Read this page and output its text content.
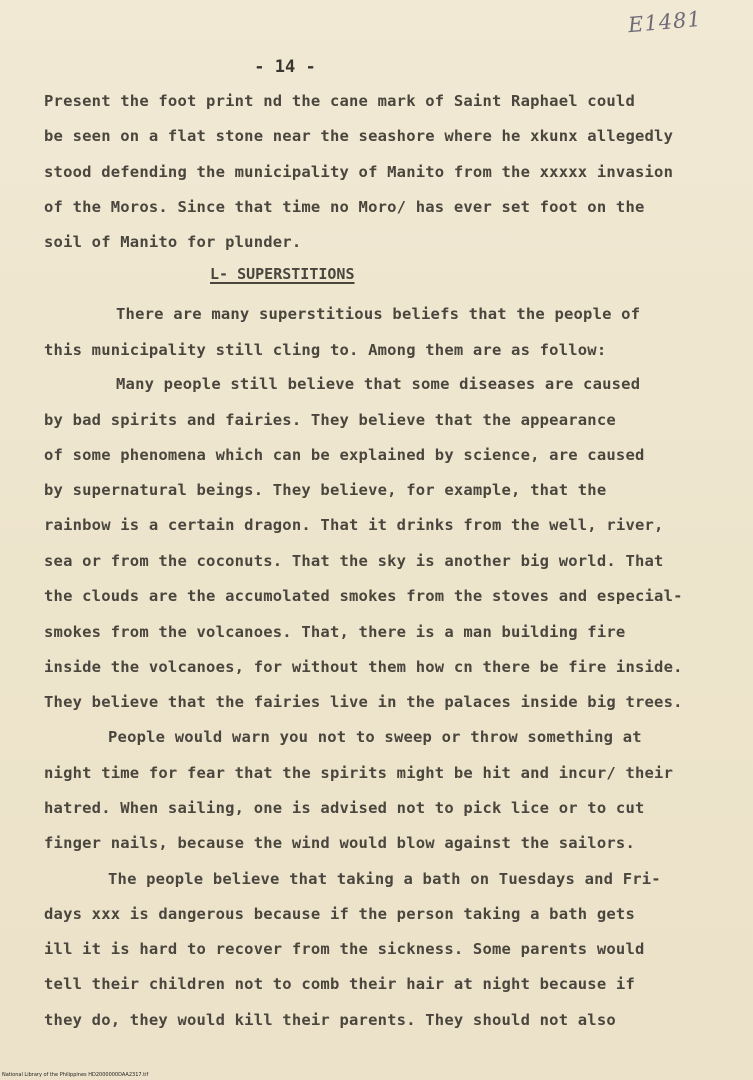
E1481
- 14 -
Present the foot print nd the cane mark of Saint Raphael could
be seen on a flat stone near the seashore where he xkunx allegedly
stood defending the municipality of Manito from the xxxxx invasion
of the Moros. Since that time no Moro/ has ever set foot on the
soil of Manito for plunder.
L- SUPERSTITIONS
There are many superstitious beliefs that the people of
this municipality still cling to. Among them are as follow:
Many people still believe that some diseases are caused
by bad spirits and fairies. They believe that the appearance
of some phenomena which can be explained by science, are caused
by supernatural beings. They believe, for example, that the
rainbow is a certain dragon. That it drinks from the well, river,
sea or from the coconuts. That the sky is another big world. That
the clouds are the accumolated smokes from the stoves and especial-
smokes from the volcanoes. That, there is a man building fire
inside the volcanoes, for without them how cn there be fire inside.
They believe that the fairies live in the palaces inside big trees.
People would warn you not to sweep or throw something at
night time for fear that the spirits might be hit and incur/ their
hatred. When sailing, one is advised not to pick lice or to cut
finger nails, because the wind would blow against the sailors.
The people believe that taking a bath on Tuesdays and Fri-
days xxx is dangerous because if the person taking a bath gets
ill it is hard to recover from the sickness. Some parents would
tell their children not to comb their hair at night because if
they do, they would kill their parents. They should not also
National Library of the Philippines HD2000000DAA2317.tif
